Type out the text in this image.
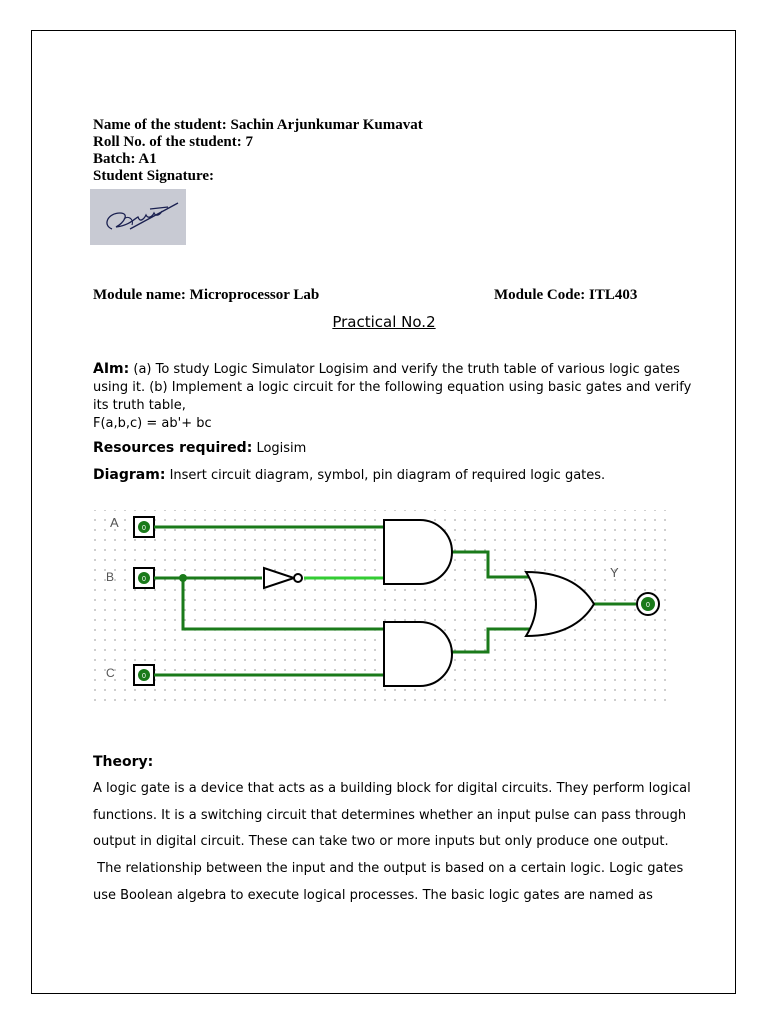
Name of the student: Sachin Arjunkumar Kumavat
Roll No. of the student: 7
Batch: A1
Student Signature:
Module name: Microprocessor Lab	Module Code: ITL403
Practical No.2
AIm: (a) To study Logic Simulator Logisim and verify the truth table of various logic gates
using it. (b) Implement a logic circuit for the following equation using basic gates and verify
its truth table,
F(a,b,c) = ab'+ bc
Resources required: Logisim
Diagram: Insert circuit diagram, symbol, pin diagram of required logic gates.
A
B
C
Y
0
0
0
0
Theory:
A logic gate is a device that acts as a building block for digital circuits. They perform logical
functions. It is a switching circuit that determines whether an input pulse can pass through
output in digital circuit. These can take two or more inputs but only produce one output.
The relationship between the input and the output is based on a certain logic. Logic gates
use Boolean algebra to execute logical processes. The basic logic gates are named as
